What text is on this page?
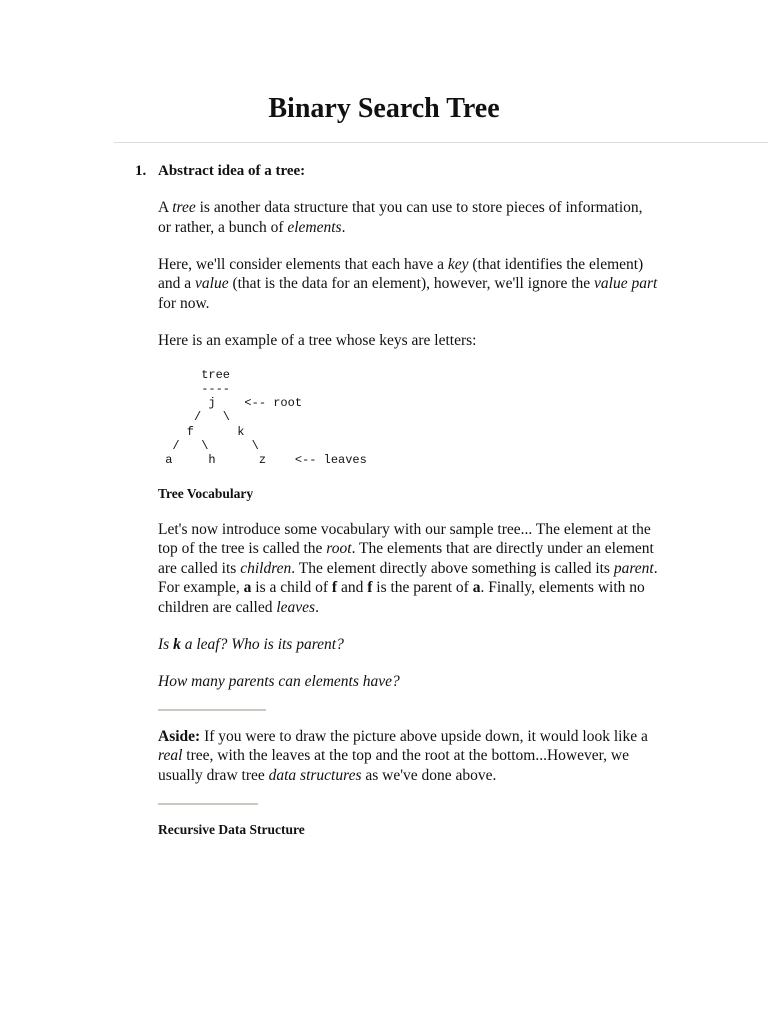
Binary Search Tree
1. Abstract idea of a tree:

A tree is another data structure that you can use to store pieces of information, or rather, a bunch of elements.

Here, we'll consider elements that each have a key (that identifies the element) and a value (that is the data for an element), however, we'll ignore the value part for now.

Here is an example of a tree whose keys are letters:

tree
----
j    <-- root
/   \
f      k
/   \      \
a     h      z    <-- leaves
Tree Vocabulary

Let's now introduce some vocabulary with our sample tree... The element at the top of the tree is called the root. The elements that are directly under an element are called its children. The element directly above something is called its parent. For example, a is a child of f and f is the parent of a. Finally, elements with no children are called leaves.

Is k a leaf? Who is its parent?

How many parents can elements have?

Aside: If you were to draw the picture above upside down, it would look like a real tree, with the leaves at the top and the root at the bottom...However, we usually draw tree data structures as we've done above.

Recursive Data Structure
